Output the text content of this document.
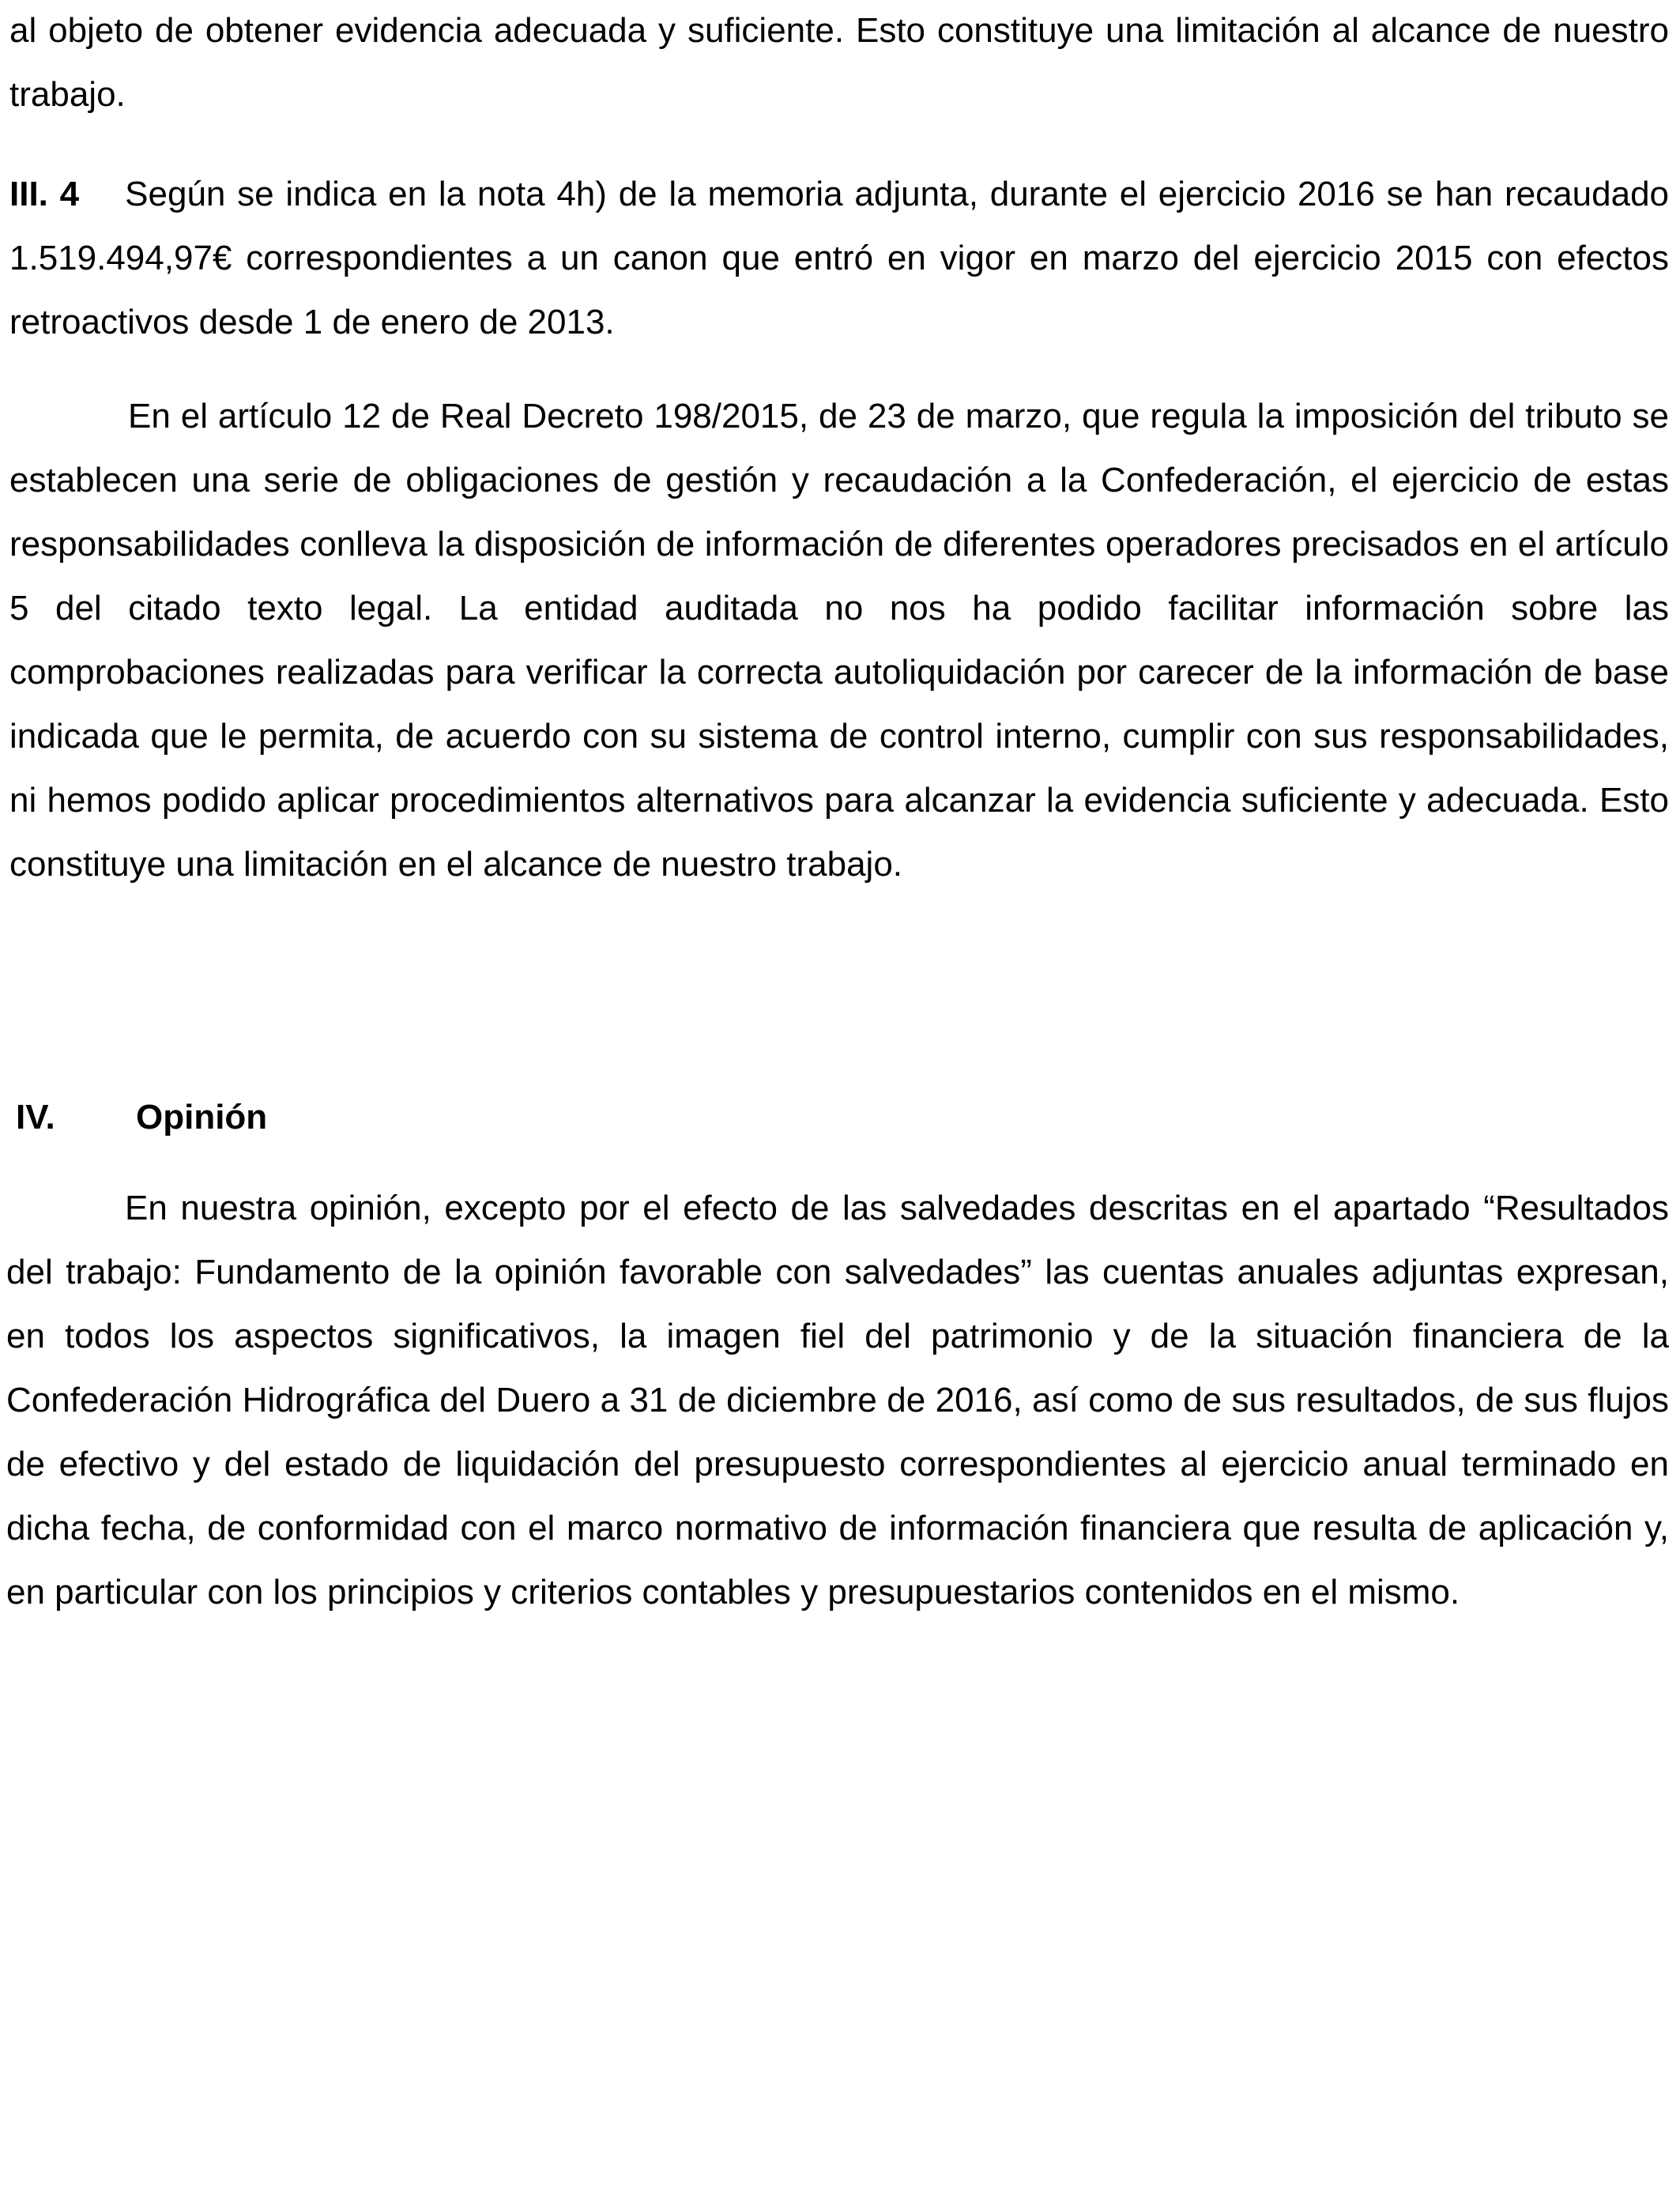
al objeto de obtener evidencia adecuada y suficiente. Esto constituye una limitación al alcance de nuestro trabajo.

III. 4 Según se indica en la nota 4h) de la memoria adjunta, durante el ejercicio 2016 se han recaudado 1.519.494,97€ correspondientes a un canon que entró en vigor en marzo del ejercicio 2015 con efectos retroactivos desde 1 de enero de 2013.

En el artículo 12 de Real Decreto 198/2015, de 23 de marzo, que regula la imposición del tributo se establecen una serie de obligaciones de gestión y recaudación a la Confederación, el ejercicio de estas responsabilidades conlleva la disposición de información de diferentes operadores precisados en el artículo 5 del citado texto legal. La entidad auditada no nos ha podido facilitar información sobre las comprobaciones realizadas para verificar la correcta autoliquidación por carecer de la información de base indicada que le permita, de acuerdo con su sistema de control interno, cumplir con sus responsabilidades, ni hemos podido aplicar procedimientos alternativos para alcanzar la evidencia suficiente y adecuada. Esto constituye una limitación en el alcance de nuestro trabajo.

IV.	Opinión

En nuestra opinión, excepto por el efecto de las salvedades descritas en el apartado “Resultados del trabajo: Fundamento de la opinión favorable con salvedades” las cuentas anuales adjuntas expresan, en todos los aspectos significativos, la imagen fiel del patrimonio y de la situación financiera de la Confederación Hidrográfica del Duero a 31 de diciembre de 2016, así como de sus resultados, de sus flujos de efectivo y del estado de liquidación del presupuesto correspondientes al ejercicio anual terminado en dicha fecha, de conformidad con el marco normativo de información financiera que resulta de aplicación y, en particular con los principios y criterios contables y presupuestarios contenidos en el mismo.
